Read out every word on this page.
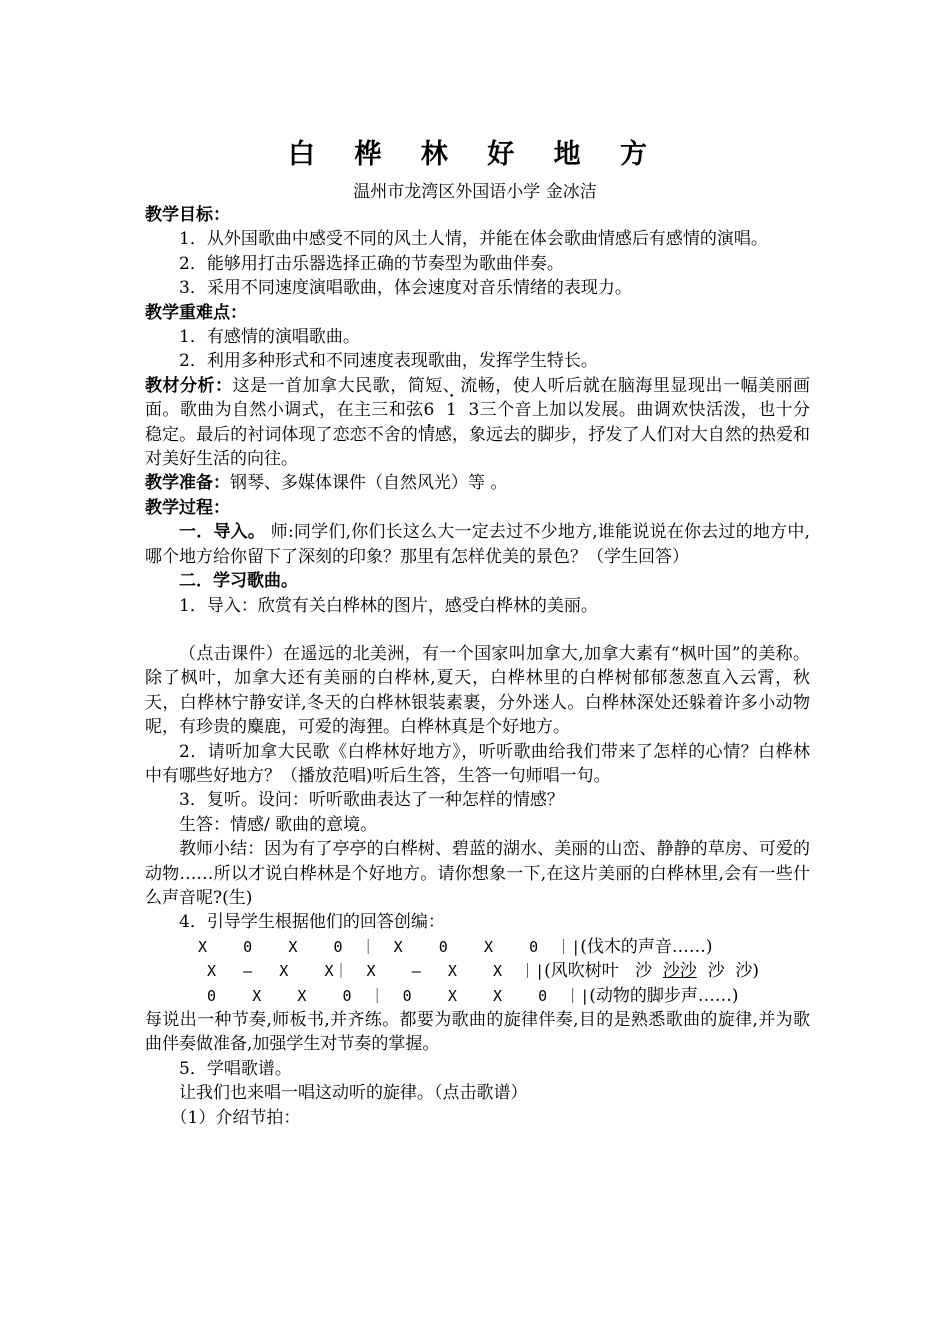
白 桦 林 好 地 方
温州市龙湾区外国语小学 金冰洁

教学目标：

1．从外国歌曲中感受不同的风土人情，并能在体会歌曲情感后有感情的演唱。

2．能够用打击乐器选择正确的节奏型为歌曲伴奏。

3．采用不同速度演唱歌曲，体会速度对音乐情绪的表现力。

教学重难点：

1．有感情的演唱歌曲。

2．利用多种形式和不同速度表现歌曲，发挥学生特长。

教材分析：这是一首加拿大民歌，简短、流畅，使人听后就在脑海里显现出一幅美丽画面。歌曲为自然小调式，在主三和弦6 • 1 • 3三个音上加以发展。曲调欢快活泼，也十分稳定。最后的衬词体现了恋恋不舍的情感，象远去的脚步，抒发了人们对大自然的热爱和对美好生活的向往。

教学准备：钢琴、多媒体课件（自然风光）等 。

教学过程：

一．导入。 师:同学们,你们长这么大一定去过不少地方,谁能说说在你去过的地方中,哪个地方给你留下了深刻的印象？那里有怎样优美的景色？（学生回答）

二．学习歌曲。

1．导入：欣赏有关白桦林的图片，感受白桦林的美丽。

（点击课件）在遥远的北美洲，有一个国家叫加拿大,加拿大素有“枫叶国”的美称。除了枫叶，加拿大还有美丽的白桦林,夏天，白桦林里的白桦树郁郁葱葱直入云霄，秋天，白桦林宁静安详,冬天的白桦林银装素裹，分外迷人。白桦林深处还躲着许多小动物呢，有珍贵的麋鹿，可爱的海狸。白桦林真是个好地方。

2．请听加拿大民歌《白桦林好地方》，听听歌曲给我们带来了怎样的心情？白桦林中有哪些好地方？（播放范唱)听后生答，生答一句师唱一句。

3．复听。设问：听听歌曲表达了一种怎样的情感？

生答：情感/ 歌曲的意境。

教师小结：因为有了亭亭的白桦树、碧蓝的湖水、美丽的山峦、静静的草房、可爱的动物……所以才说白桦林是个好地方。请你想象一下,在这片美丽的白桦林里,会有一些什么声音呢?(生)

4．引导学生根据他们的回答创编：

X    0    X    0  ｜  X    0    X    0  ｜|(伐木的声音……)

X   —   X    X｜  X    —   X    X  ｜|(风吹树叶   沙  沙沙  沙  沙)

0    X    X    0  ｜  0    X    X    0  ｜|(动物的脚步声……)

每说出一种节奏,师板书,并齐练。都要为歌曲的旋律伴奏,目的是熟悉歌曲的旋律,并为歌曲伴奏做准备,加强学生对节奏的掌握。

5．学唱歌谱。

让我们也来唱一唱这动听的旋律。（点击歌谱）

（1）介绍节拍：
